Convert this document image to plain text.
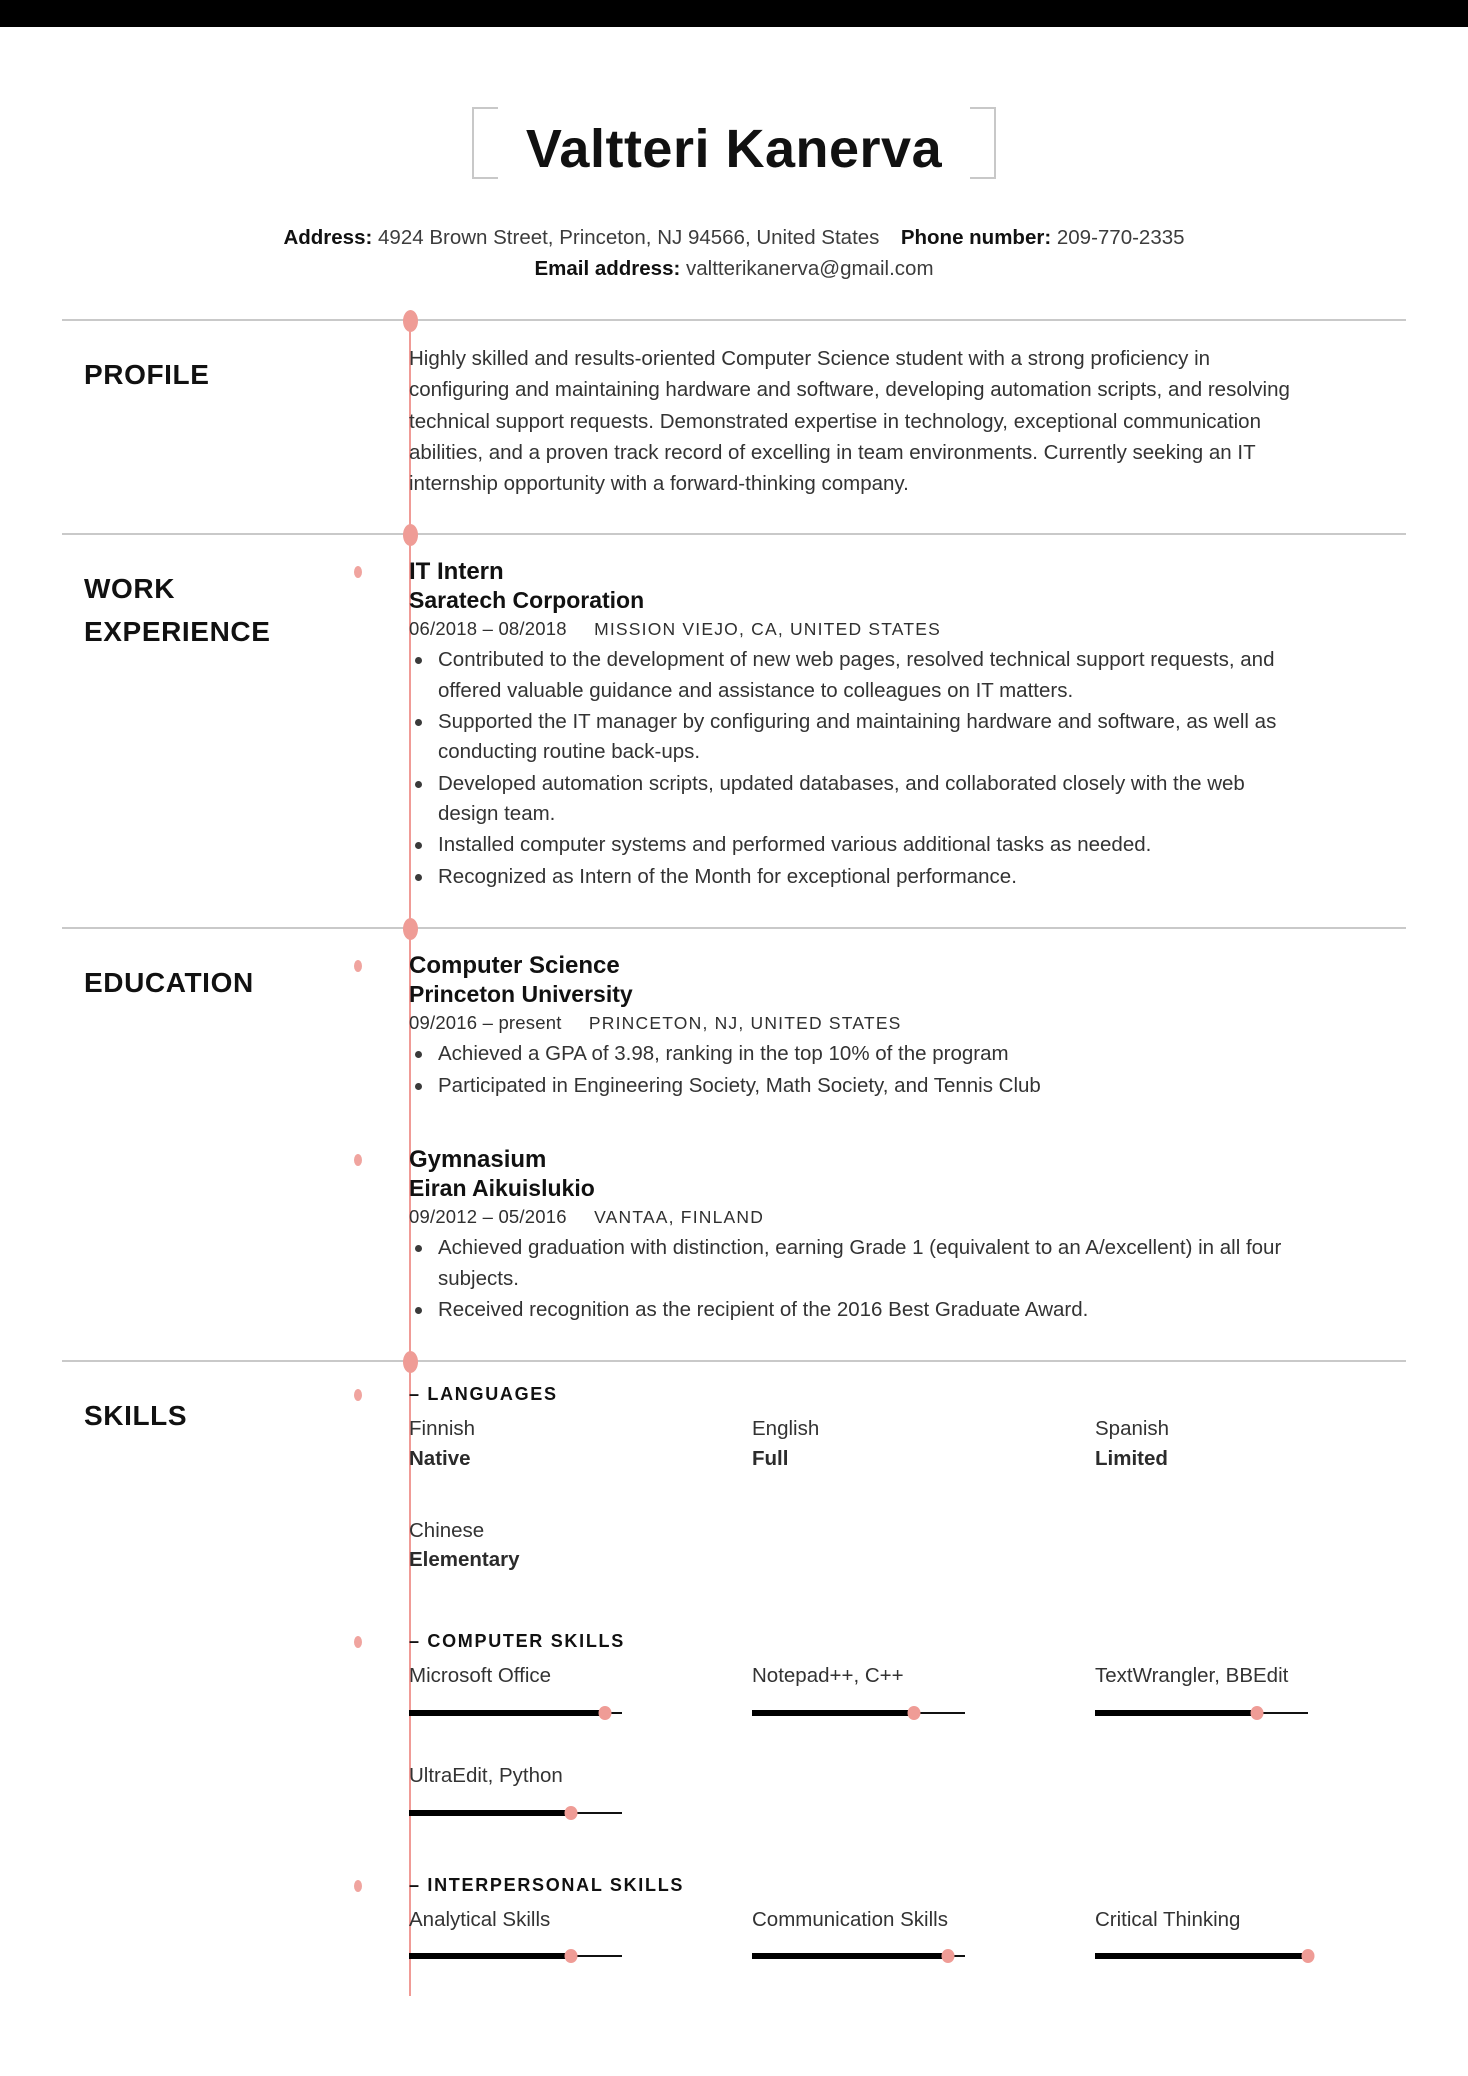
Valtteri Kanerva
Address: 4924 Brown Street, Princeton, NJ 94566, United States Phone number: 209-770-2335
Email address: valtterikanerva@gmail.com
PROFILE

Highly skilled and results-oriented Computer Science student with a strong proficiency in configuring and maintaining hardware and software, developing automation scripts, and resolving technical support requests. Demonstrated expertise in technology, exceptional communication abilities, and a proven track record of excelling in team environments. Currently seeking an IT internship opportunity with a forward-thinking company.

WORK
EXPERIENCE
IT Intern
Saratech Corporation
06/2018 – 08/2018 MISSION VIEJO, CA, UNITED STATES
Contributed to the development of new web pages, resolved technical support requests, and offered valuable guidance and assistance to colleagues on IT matters.
Supported the IT manager by configuring and maintaining hardware and software, as well as conducting routine back-ups.
Developed automation scripts, updated databases, and collaborated closely with the web design team.
Installed computer systems and performed various additional tasks as needed.
Recognized as Intern of the Month for exceptional performance.
EDUCATION
Computer Science
Princeton University
09/2016 – present PRINCETON, NJ, UNITED STATES
Achieved a GPA of 3.98, ranking in the top 10% of the program
Participated in Engineering Society, Math Society, and Tennis Club
Gymnasium
Eiran Aikuislukio
09/2012 – 05/2016 VANTAA, FINLAND
Achieved graduation with distinction, earning Grade 1 (equivalent to an A/excellent) in all four subjects.
Received recognition as the recipient of the 2016 Best Graduate Award.
SKILLS
– LANGUAGES
Finnish
Native
English
Full
Spanish
Limited
Chinese
Elementary
– COMPUTER SKILLS
Microsoft Office	Notepad++, C++	TextWrangler, BBEdit
UltraEdit, Python
– INTERPERSONAL SKILLS
Analytical Skills	Communication Skills	Critical Thinking
